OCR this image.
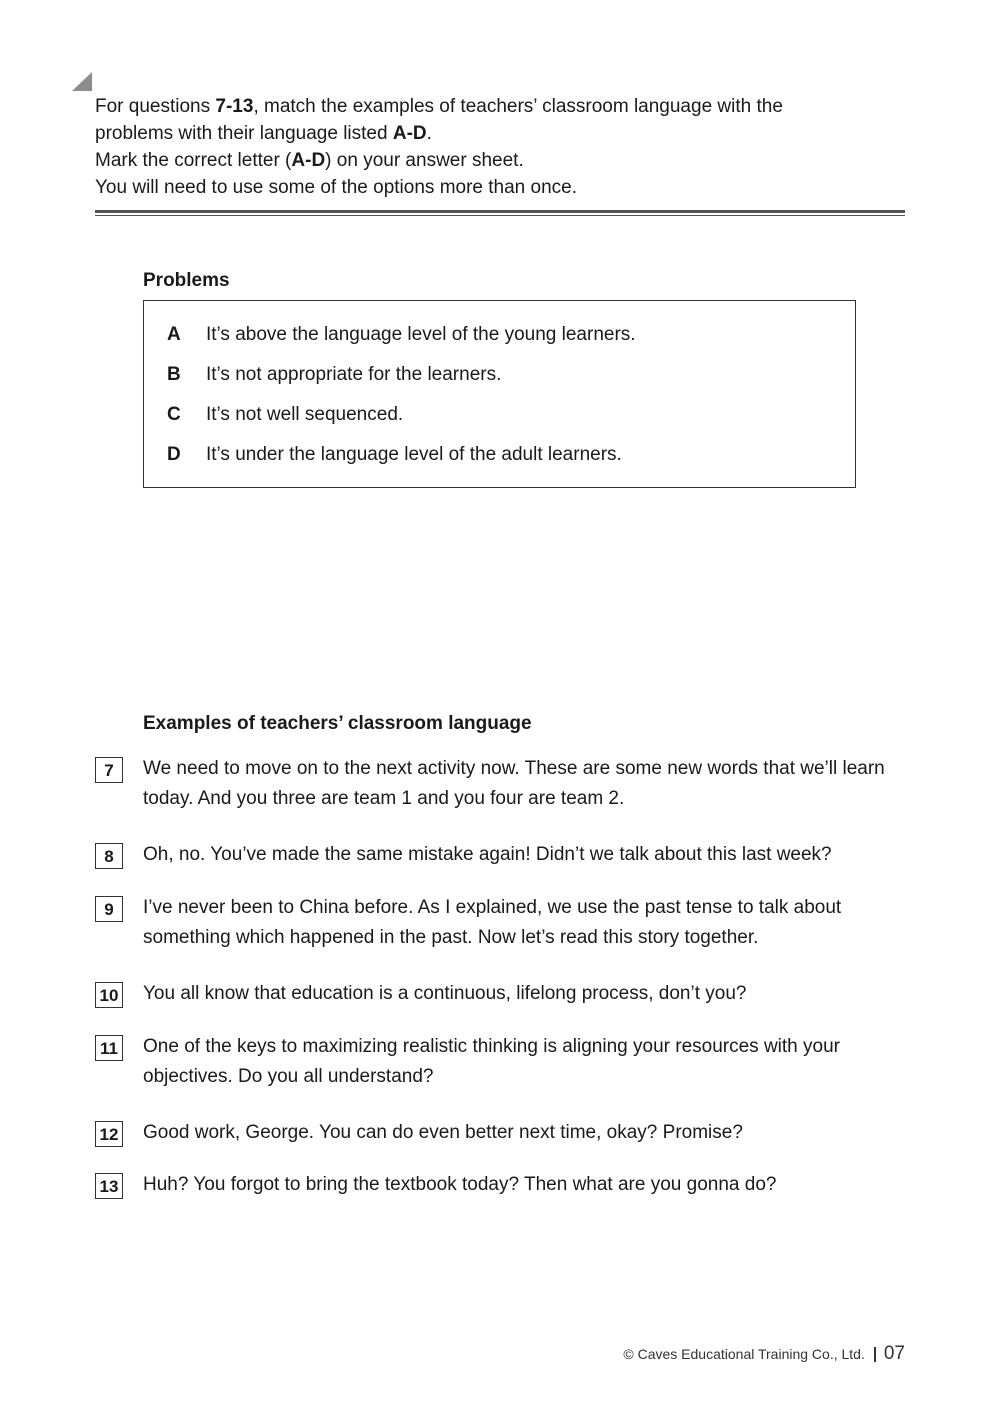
For questions 7-13, match the examples of teachers’ classroom language with the

problems with their language listed A-D.

Mark the correct letter (A-D) on your answer sheet.

You will need to use some of the options more than once.

Problems
A It’s above the language level of the young learners.
B It’s not appropriate for the learners.
C It’s not well sequenced.
D It’s under the language level of the adult learners.
Examples of teachers’ classroom language
7	We need to move on to the next activity now. These are some new words that we’ll learn today. And you three are team 1 and you four are team 2.
8	Oh, no. You’ve made the same mistake again! Didn’t we talk about this last week?
9	I’ve never been to China before. As I explained, we use the past tense to talk about something which happened in the past. Now let’s read this story together.
10 You all know that education is a continuous, lifelong process, don’t you?
11 One of the keys to maximizing realistic thinking is aligning your resources with your objectives. Do you all understand?
12 Good work, George. You can do even better next time, okay? Promise?
13 Huh? You forgot to bring the textbook today? Then what are you gonna do?
© Caves Educational Training Co., Ltd. 07
